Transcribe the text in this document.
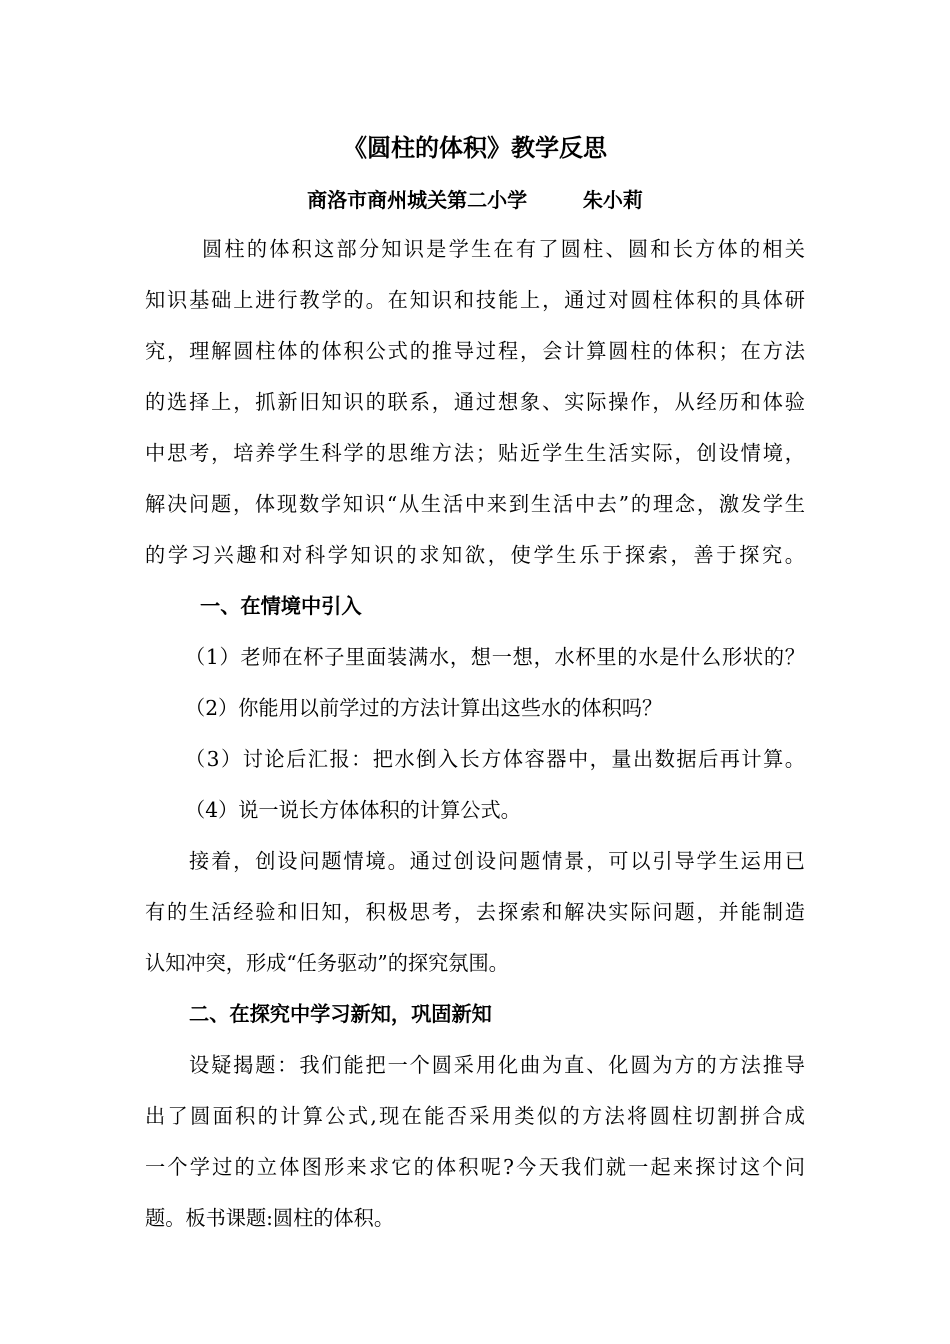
《圆柱的体积》教学反思
商洛市商州城关第二小学        朱小莉
圆柱的体积这部分知识是学生在有了圆柱、圆和长方体的相关
知识基础上进行教学的。在知识和技能上，通过对圆柱体积的具体研
究，理解圆柱体的体积公式的推导过程，会计算圆柱的体积；在方法
的选择上，抓新旧知识的联系，通过想象、实际操作，从经历和体验
中思考，培养学生科学的思维方法；贴近学生生活实际，创设情境，
解决问题，体现数学知识“从生活中来到生活中去”的理念，激发学生
的学习兴趣和对科学知识的求知欲，使学生乐于探索，善于探究。
一、在情境中引入
（1）老师在杯子里面装满水，想一想，水杯里的水是什么形状的？
（2）你能用以前学过的方法计算出这些水的体积吗？
（3）讨论后汇报：把水倒入长方体容器中，量出数据后再计算。
（4）说一说长方体体积的计算公式。
接着，创设问题情境。通过创设问题情景，可以引导学生运用已
有的生活经验和旧知，积极思考，去探索和解决实际问题，并能制造
认知冲突，形成“任务驱动”的探究氛围。
二、在探究中学习新知，巩固新知
设疑揭题：我们能把一个圆采用化曲为直、化圆为方的方法推导
出了圆面积的计算公式,现在能否采用类似的方法将圆柱切割拼合成
一个学过的立体图形来求它的体积呢?今天我们就一起来探讨这个问
题。板书课题:圆柱的体积。
